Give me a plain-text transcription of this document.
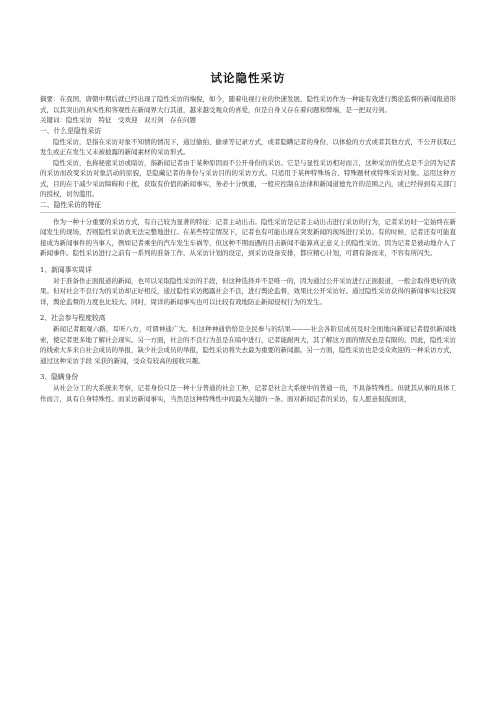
试论隐性采访

摘要：在我国，唐朝中期后就已经出现了隐性采访的端倪，如今，随着电视行业的快速发展，隐性采访作为一种能有效进行舆论监督的新闻报道形式，以其突出的真实性和客观性在新闻界大行其道，越来越受观众的喜爱，但是自身又存在着问题和弊端，是一把双刃剑。

关键词：隐性采访　特征　受欢迎　双刃剑　存在问题

一、什么是隐性采访

隐性采访，是指在采访对象不知情的情况下，通过偷拍、偷录等记录方式，或者隐瞒记者的身份，以体验的方式或者其他方式，不公开获取已发生或正在发生又未被披露的新闻素材的采访形式。

隐性采访，也称秘密采访或暗访，指新闻记者由于某种原因而不公开身份的采访。它是与显性采访相对而言，这种采访的优点是不会因为记者的采访而改变采访对象活动的原貌，是隐藏记者的身份与采访目的的采访方式。只适用于某种特殊场合、特殊题材或特殊采访对象。运用这种方式，目的在于减少采访障碍和干扰，获取有价值的新闻事实，务必十分慎重，一般应控制在法律和新闻道德允许的范围之内，或已经得到有关部门的授权，切勿滥用。

二、隐性采访的特征

作为一种十分重要的采访方式，有自己较为显著的特征：记者主动出击。隐性采访是记者主动出击进行采访的行为，记者采访时一定始终在新闻发生的现场，否则隐性采访就无法完整地进行。在某些特定情况下，记者也有可能出现在突发新闻的现场进行采访。有的时候，记者还有可能直接成为新闻事件的当事人，例如记者乘坐的汽车发生车祸等，但这种不期而遇的目击新闻不能算真正意义上的隐性采访，因为记者是被动地介入了新闻事件。隐性采访进行之前有一系列的准备工作，从采访计划的设定，到采访设备安排，都应精心计划，可谓有备而来，不容有所闪失。

1、新闻事实周详

对于准备作正面报道的新闻，也可以采取隐性采访的手段，但这种选择并不是唯一的，因为通过公开采访进行正面报道，一般会取得更好的效果。但对社会不良行为的采访却正好相反，通过隐性采访揭露社会不良，进行舆论监督，效果比公开采访好。通过隐性采访获得的新闻事实比较周详，舆论监督的力度也比较大。同时，周详的新闻事实也可以比较有效地防止新闻侵权行为的发生。

2、社会参与程度较高

新闻记者眼观六路，耳听八方，可谓神通广大。但这种神通恰恰是全民参与的结果———社会各阶层成员及时全面地向新闻记者提供新闻线索，使记者更多地了解社会现实。另一方面，社会的不良行为虽是在暗中进行，记者能耐再大，其了解这方面的情况也是有限的。因此，隐性采访的线索大多来自社会成员的举报，缺少社会成员的举报，隐性采访将失去最为重要的新闻源。另一方面，隐性采访也是受众欢迎的一种采访方式，通过这种采访手段 采获的新闻，受众有较高的接收兴趣。

3、隐瞒身份

从社会分工的大系统来考察，记者身份只是一种十分普通的社会工种，记者是社会大系统中的普通一员，不具备特殊性。但就其从事的具体工作而言，具有自身特殊性。而采访新闻事实，当然是这种特殊性中间最为关键的一条。面对新闻记者的采访，有人愿意侃侃而谈，
